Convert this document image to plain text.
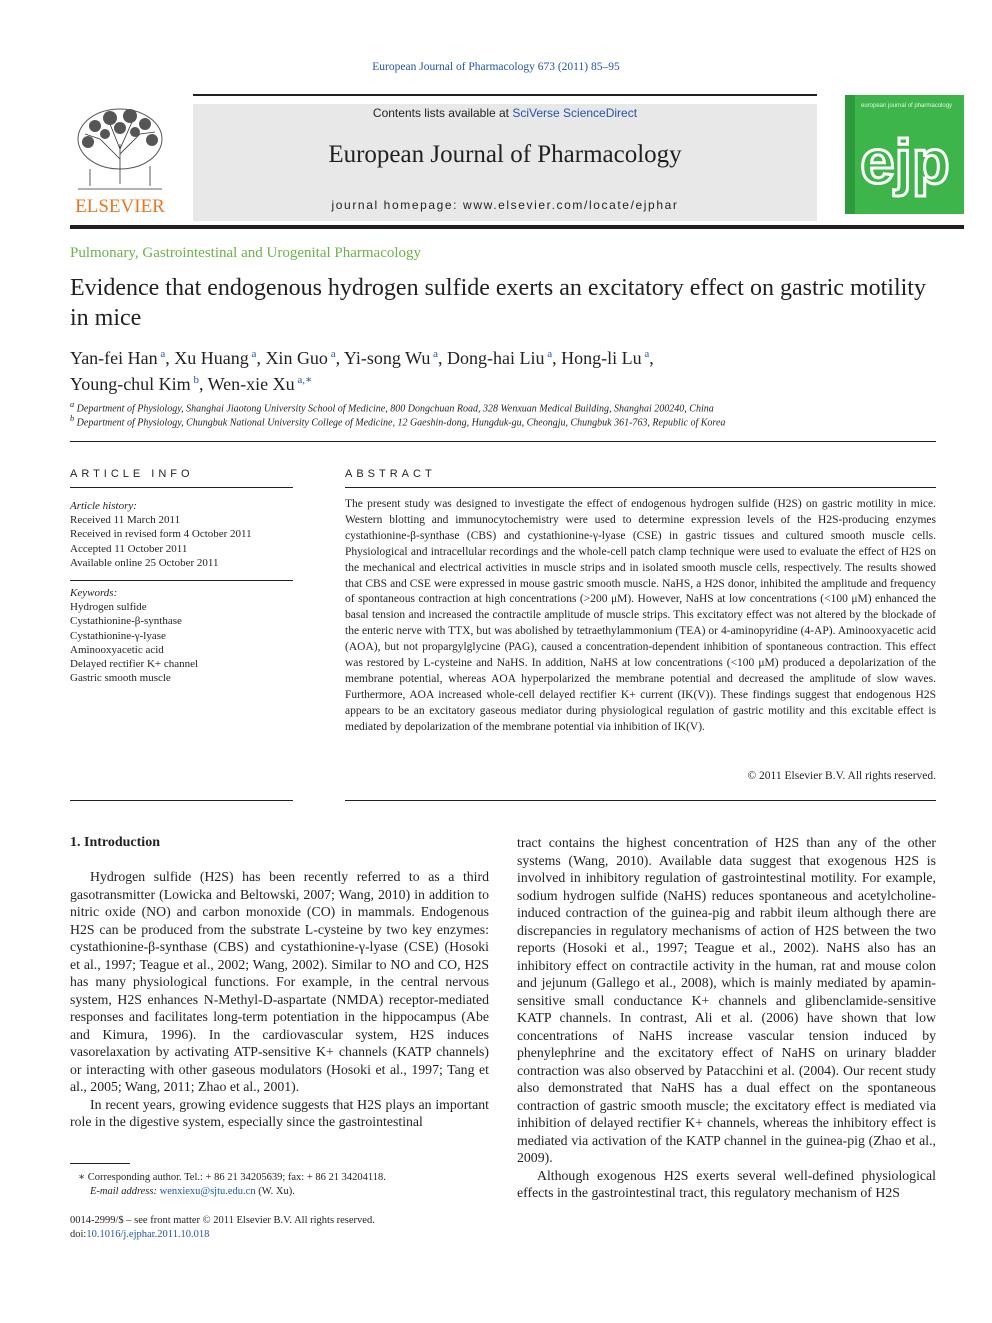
European Journal of Pharmacology 673 (2011) 85–95
ELSEVIER
Contents lists available at SciVerse ScienceDirect
European Journal of Pharmacology
journal homepage: www.elsevier.com/locate/ejphar
european journal of pharmacology
ejp
Pulmonary, Gastrointestinal and Urogenital Pharmacology
Evidence that endogenous hydrogen sulfide exerts an excitatory effect on gastric motility in mice
Yan-fei Han $^a$, Xu Huang $^a$, Xin Guo $^a$, Yi-song Wu $^a$, Dong-hai Liu $^a$, Hong-li Lu $^a$,
Young-chul Kim $^b$, Wen-xie Xu $^{a,∗}$
$^a$ Department of Physiology, Shanghai Jiaotong University School of Medicine, 800 Dongchuan Road, 328 Wenxuan Medical Building, Shanghai 200240, China
$^b$ Department of Physiology, Chungbuk National University College of Medicine, 12 Gaeshin-dong, Hungduk-gu, Cheongju, Chungbuk 361-763, Republic of Korea
ARTICLE INFO
Article history:
Received 11 March 2011
Received in revised form 4 October 2011
Accepted 11 October 2011
Available online 25 October 2011
Keywords:
Hydrogen sulfide
Cystathionine-β-synthase
Cystathionine-γ-lyase
Aminooxyacetic acid
Delayed rectifier K+ channel
Gastric smooth muscle
ABSTRACT
The present study was designed to investigate the effect of endogenous hydrogen sulfide (H2S) on gastric motility in mice. Western blotting and immunocytochemistry were used to determine expression levels of the H2S-producing enzymes cystathionine-β-synthase (CBS) and cystathionine-γ-lyase (CSE) in gastric tissues and cultured smooth muscle cells. Physiological and intracellular recordings and the whole-cell patch clamp technique were used to evaluate the effect of H2S on the mechanical and electrical activities in muscle strips and in isolated smooth muscle cells, respectively. The results showed that CBS and CSE were expressed in mouse gastric smooth muscle. NaHS, a H2S donor, inhibited the amplitude and frequency of spontaneous contraction at high concentrations (>200 μM). However, NaHS at low concentrations (<100 μM) enhanced the basal tension and increased the contractile amplitude of muscle strips. This excitatory effect was not altered by the blockade of the enteric nerve with TTX, but was abolished by tetraethylammonium (TEA) or 4-aminopyridine (4-AP). Aminooxyacetic acid (AOA), but not propargylglycine (PAG), caused a concentration-dependent inhibition of spontaneous contraction. This effect was restored by L-cysteine and NaHS. In addition, NaHS at low concentrations (<100 μM) produced a depolarization of the membrane potential, whereas AOA hyperpolarized the membrane potential and decreased the amplitude of slow waves. Furthermore, AOA increased whole-cell delayed rectifier K+ current (IK(V)). These findings suggest that endogenous H2S appears to be an excitatory gaseous mediator during physiological regulation of gastric motility and this excitable effect is mediated by depolarization of the membrane potential via inhibition of IK(V).
© 2011 Elsevier B.V. All rights reserved.
1. Introduction

Hydrogen sulfide (H2S) has been recently referred to as a third gasotransmitter (Lowicka and Beltowski, 2007; Wang, 2010) in addition to nitric oxide (NO) and carbon monoxide (CO) in mammals. Endogenous H2S can be produced from the substrate L-cysteine by two key enzymes: cystathionine-β-synthase (CBS) and cystathionine-γ-lyase (CSE) (Hosoki et al., 1997; Teague et al., 2002; Wang, 2002). Similar to NO and CO, H2S has many physiological functions. For example, in the central nervous system, H2S enhances N-Methyl-D-aspartate (NMDA) receptor-mediated responses and facilitates long-term potentiation in the hippocampus (Abe and Kimura, 1996). In the cardiovascular system, H2S induces vasorelaxation by activating ATP-sensitive K+ channels (KATP channels) or interacting with other gaseous modulators (Hosoki et al., 1997; Tang et al., 2005; Wang, 2011; Zhao et al., 2001).

In recent years, growing evidence suggests that H2S plays an important role in the digestive system, especially since the gastrointestinal

tract contains the highest concentration of H2S than any of the other systems (Wang, 2010). Available data suggest that exogenous H2S is involved in inhibitory regulation of gastrointestinal motility. For example, sodium hydrogen sulfide (NaHS) reduces spontaneous and acetylcholine-induced contraction of the guinea-pig and rabbit ileum although there are discrepancies in regulatory mechanisms of action of H2S between the two reports (Hosoki et al., 1997; Teague et al., 2002). NaHS also has an inhibitory effect on contractile activity in the human, rat and mouse colon and jejunum (Gallego et al., 2008), which is mainly mediated by apamin-sensitive small conductance K+ channels and glibenclamide-sensitive KATP channels. In contrast, Ali et al. (2006) have shown that low concentrations of NaHS increase vascular tension induced by phenylephrine and the excitatory effect of NaHS on urinary bladder contraction was also observed by Patacchini et al. (2004). Our recent study also demonstrated that NaHS has a dual effect on the spontaneous contraction of gastric smooth muscle; the excitatory effect is mediated via inhibition of delayed rectifier K+ channels, whereas the inhibitory effect is mediated via activation of the KATP channel in the guinea-pig (Zhao et al., 2009).

Although exogenous H2S exerts several well-defined physiological effects in the gastrointestinal tract, this regulatory mechanism of H2S

∗ Corresponding author. Tel.: + 86 21 34205639; fax: + 86 21 34204118.
E-mail address: wenxiexu@sjtu.edu.cn (W. Xu).
0014-2999/$ – see front matter © 2011 Elsevier B.V. All rights reserved.
doi:10.1016/j.ejphar.2011.10.018
